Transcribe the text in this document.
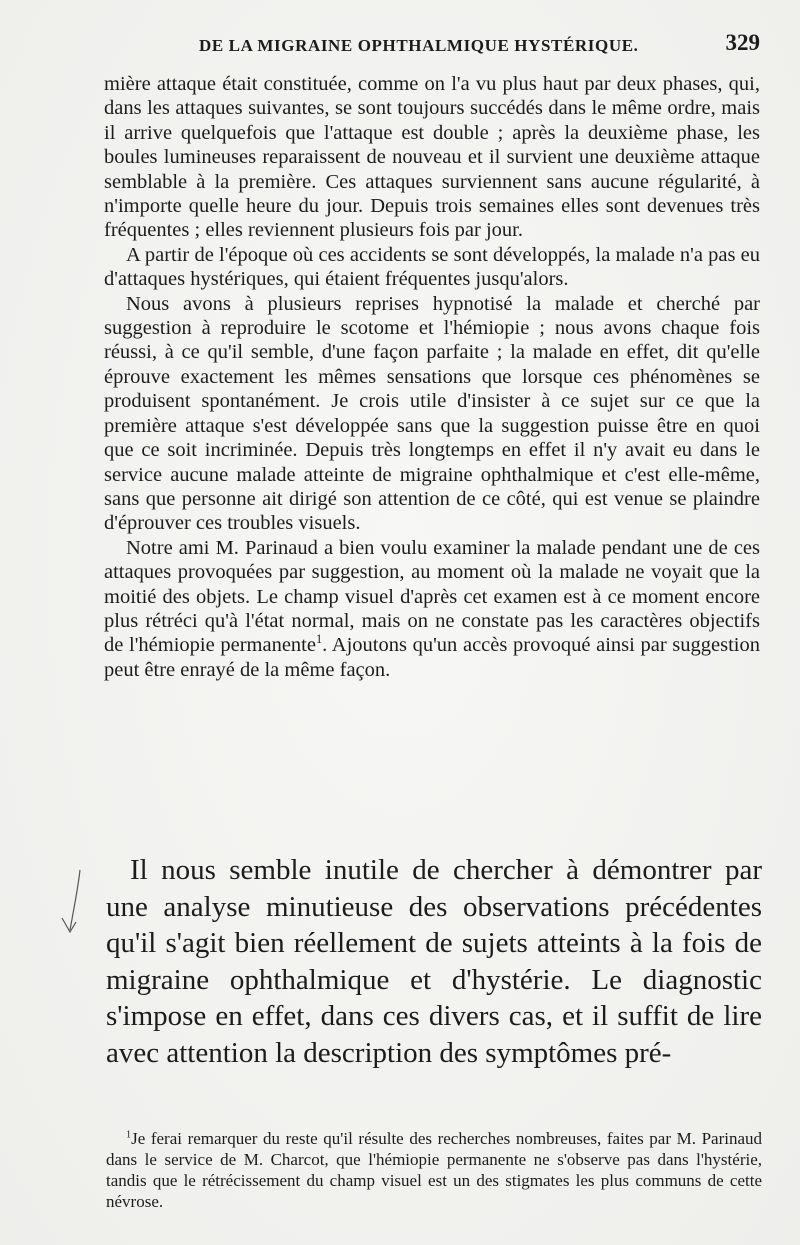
DE LA MIGRAINE OPHTHALMIQUE HYSTÉRIQUE.	329

mière attaque était constituée, comme on l'a vu plus haut par deux phases, qui, dans les attaques suivantes, se sont toujours succédés dans le même ordre, mais il arrive quelquefois que l'attaque est double ; après la deuxième phase, les boules lumineuses reparaissent de nouveau et il survient une deuxième attaque semblable à la première. Ces attaques surviennent sans aucune régularité, à n'importe quelle heure du jour. Depuis trois semaines elles sont devenues très fréquentes ; elles reviennent plusieurs fois par jour.

A partir de l'époque où ces accidents se sont développés, la malade n'a pas eu d'attaques hystériques, qui étaient fréquentes jusqu'alors.

Nous avons à plusieurs reprises hypnotisé la malade et cherché par suggestion à reproduire le scotome et l'hémiopie ; nous avons chaque fois réussi, à ce qu'il semble, d'une façon parfaite ; la malade en effet, dit qu'elle éprouve exactement les mêmes sensations que lorsque ces phénomènes se produisent spontanément. Je crois utile d'insister à ce sujet sur ce que la première attaque s'est développée sans que la suggestion puisse être en quoi que ce soit incriminée. Depuis très longtemps en effet il n'y avait eu dans le service aucune malade atteinte de migraine ophthalmique et c'est elle-même, sans que personne ait dirigé son attention de ce côté, qui est venue se plaindre d'éprouver ces troubles visuels.

Notre ami M. Parinaud a bien voulu examiner la malade pendant une de ces attaques provoquées par suggestion, au moment où la malade ne voyait que la moitié des objets. Le champ visuel d'après cet examen est à ce moment encore plus rétréci qu'à l'état normal, mais on ne constate pas les caractères objectifs de l'hémiopie permanente$^1$. Ajoutons qu'un accès provoqué ainsi par suggestion peut être enrayé de la même façon.

Il nous semble inutile de chercher à démontrer par une analyse minutieuse des observations précédentes qu'il s'agit bien réellement de sujets atteints à la fois de migraine ophthalmique et d'hystérie. Le diagnostic s'impose en effet, dans ces divers cas, et il suffit de lire avec attention la description des symptômes pré-

$^1$Je ferai remarquer du reste qu'il résulte des recherches nombreuses, faites par M. Parinaud dans le service de M. Charcot, que l'hémiopie permanente ne s'observe pas dans l'hystérie, tandis que le rétrécissement du champ visuel est un des stigmates les plus communs de cette névrose.
